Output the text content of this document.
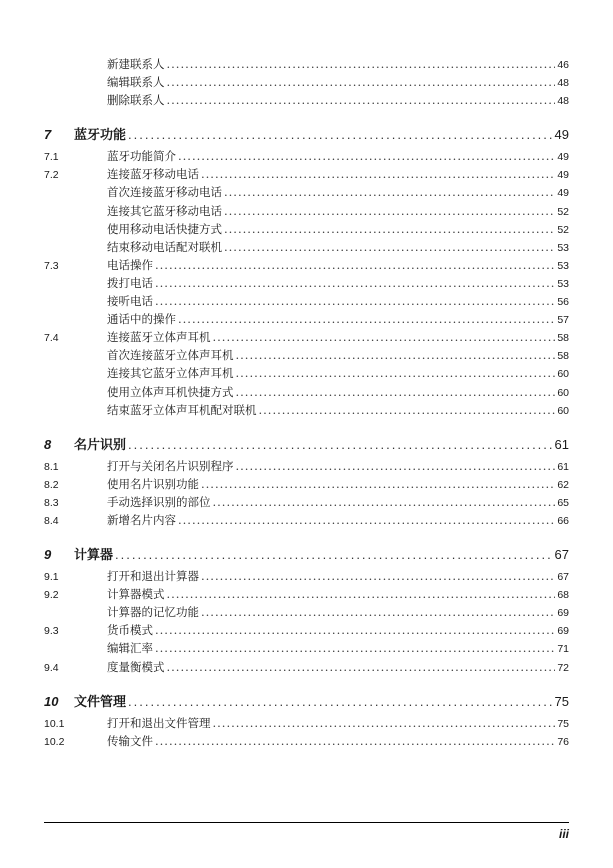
新建联系人 .....	46
编辑联系人 .....	48
删除联系人 .....	48
7	蓝牙功能 .....	49
7.1	蓝牙功能简介 .....	49
7.2	连接蓝牙移动电话 .....	49
首次连接蓝牙移动电话 .....	49
连接其它蓝牙移动电话 .....	52
使用移动电话快捷方式 .....	52
结束移动电话配对联机 .....	53
7.3	电话操作 .....	53
拨打电话 .....	53
接听电话 .....	56
通话中的操作 .....	57
7.4	连接蓝牙立体声耳机 .....	58
首次连接蓝牙立体声耳机 .....	58
连接其它蓝牙立体声耳机 .....	60
使用立体声耳机快捷方式 .....	60
结束蓝牙立体声耳机配对联机 .....	60
8	名片识别 .....	61
8.1	打开与关闭名片识别程序 .....	61
8.2	使用名片识别功能 .....	62
8.3	手动选择识别的部位 .....	65
8.4	新增名片内容 .....	66
9	计算器 .....	67
9.1	打开和退出计算器 .....	67
9.2	计算器模式 .....	68
计算器的记忆功能 .....	69
9.3	货币模式 .....	69
编辑汇率 .....	71
9.4	度量衡模式 .....	72
10	文件管理 .....	75
10.1	打开和退出文件管理 .....	75
10.2	传输文件 .....	76
iii
